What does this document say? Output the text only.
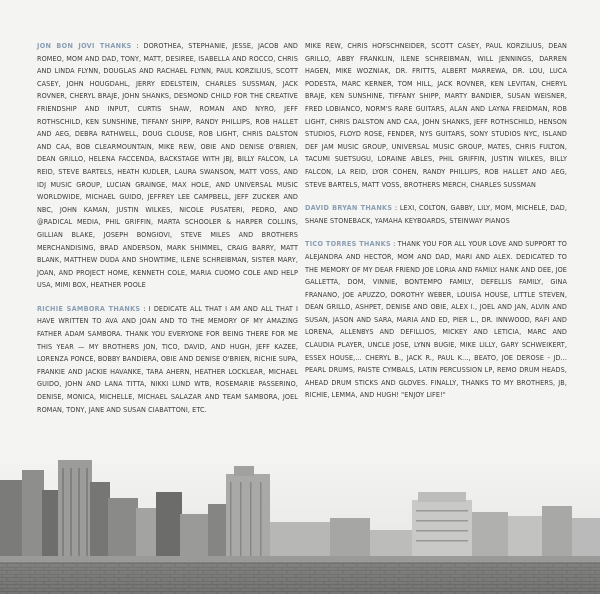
JON BON JOVI THANKS : DOROTHEA, STEPHANIE, JESSE, JACOB AND ROMEO, MOM AND DAD, TONY, MATT, DESIREE, ISABELLA AND ROCCO, CHRIS AND LINDA FLYNN, DOUGLAS AND RACHAEL FLYNN, PAUL KORZILIUS, SCOTT CASEY, JOHN HOUGDAHL, JERRY EDELSTEIN, CHARLES SUSSMAN, JACK ROVNER, CHERYL BRAJE, JOHN SHANKS, DESMOND CHILD FOR THE CREATIVE FRIENDSHIP AND INPUT, CURTIS SHAW, ROMAN AND NYRO, JEFF ROTHSCHILD, KEN SUNSHINE, TIFFANY SHIPP, RANDY PHILLIPS, ROB HALLET AND AEG, DEBRA RATHWELL, DOUG CLOUSE, ROB LIGHT, CHRIS DALSTON AND CAA, BOB CLEARMOUNTAIN, MIKE REW, OBIE AND DENISE O'BRIEN, DEAN GRILLO, HELENA FACCENDA, BACKSTAGE WITH JBJ, BILLY FALCON, LA REID, STEVE BARTELS, HEATH KUDLER, LAURA SWANSON, MATT VOSS, AND IDJ MUSIC GROUP, LUCIAN GRAINGE, MAX HOLE, AND UNIVERSAL MUSIC WORLDWIDE, MICHAEL GUIDO, JEFFREY LEE CAMPBELL, JEFF ZUCKER AND NBC, JOHN KAMAN, JUSTIN WILKES, NICOLE PUSATERI, PEDRO, AND @RADICAL MEDIA, PHIL GRIFFIN, MARTA SCHOOLER & HARPER COLLINS, GILLIAN BLAKE, JOSEPH BONGIOVI, STEVE MILES AND BROTHERS MERCHANDISING, BRAD ANDERSON, MARK SHIMMEL, CRAIG BARRY, MATT BLANK, MATTHEW DUDA AND SHOWTIME, ILENE SCHREIBMAN, SISTER MARY, JOAN, AND PROJECT HOME, KENNETH COLE, MARIA CUOMO COLE AND HELP USA, MIMI BOX, HEATHER POOLE

RICHIE SAMBORA THANKS : I DEDICATE ALL THAT I AM AND ALL THAT I HAVE WRITTEN TO AVA AND JOAN AND TO THE MEMORY OF MY AMAZING FATHER ADAM SAMBORA. THANK YOU EVERYONE FOR BEING THERE FOR ME THIS YEAR — MY BROTHERS JON, TICO, DAVID, AND HUGH, JEFF KAZEE, LORENZA PONCE, BOBBY BANDIERA, OBIE AND DENISE O'BRIEN, RICHIE SUPA, FRANKIE AND JACKIE HAVANKE, TARA AHERN, HEATHER LOCKLEAR, MICHAEL GUIDO, JOHN AND LANA TITTA, NIKKI LUND WTB, ROSEMARIE PASSERINO, DENISE, MONICA, MICHELLE, MICHAEL SALAZAR AND TEAM SAMBORA, JOEL ROMAN, TONY, JANE AND SUSAN CIABATTONI, ETC.

MIKE REW, CHRIS HOFSCHNEIDER, SCOTT CASEY, PAUL KORZILIUS, DEAN GRILLO, ABBY FRANKLIN, ILENE SCHREIBMAN, WILL JENNINGS, DARREN HAGEN, MIKE WOZNIAK, DR. FRITTS, ALBERT MARREWA, DR. LOU, LUCA PODESTA, MARC KERNER, TOM HILL, JACK ROVNER, KEN LEVITAN, CHERYL BRAJE, KEN SUNSHINE, TIFFANY SHIPP, MARTY BANDIER, SUSAN WEISNER, FRED LOBIANCO, NORM'S RARE GUITARS, ALAN AND LAYNA FREIDMAN, ROB LIGHT, CHRIS DALSTON AND CAA, JOHN SHANKS, JEFF ROTHSCHILD, HENSON STUDIOS, FLOYD ROSE, FENDER, NYS GUITARS, SONY STUDIOS NYC, ISLAND DEF JAM MUSIC GROUP, UNIVERSAL MUSIC GROUP, MATES, CHRIS FULTON, TACUMI SUETSUGU, LORAINE ABLES, PHIL GRIFFIN, JUSTIN WILKES, BILLY FALCON, LA REID, LYOR COHEN, RANDY PHILLIPS, ROB HALLET AND AEG, STEVE BARTELS, MATT VOSS, BROTHERS MERCH, CHARLES SUSSMAN

DAVID BRYAN THANKS : LEXI, COLTON, GABBY, LILY, MOM, MICHELE, DAD, SHANE STONEBACK, YAMAHA KEYBOARDS, STEINWAY PIANOS

TICO TORRES THANKS : THANK YOU FOR ALL YOUR LOVE AND SUPPORT TO ALEJANDRA AND HECTOR, MOM AND DAD, MARI AND ALEX. DEDICATED TO THE MEMORY OF MY DEAR FRIEND JOE LORIA AND FAMILY. HANK AND DEE, JOE GALLETTA, DOM, VINNIE, BONTEMPO FAMILY, DEFELLIS FAMILY, GINA FRANANO, JOE APUZZO, DOROTHY WEBER, LOUISA HOUSE, LITTLE STEVEN, DEAN GRILLO, ASHPET, DENISE AND OBIE, ALEX I., JOEL AND JAN, ALVIN AND SUSAN, JASON AND SARA, MARIA AND ED, PIER L., DR. INNWOOD, RAFI AND LORENA, ALLENBYS AND DEFILLIOS, MICKEY AND LETICIA, MARC AND CLAUDIA PLAYER, UNCLE JOSE, LYNN BUGIE, MIKE LILLY, GARY SCHWEIKERT, ESSEX HOUSE,... CHERYL B., JACK R., PAUL K..., BEATO, JOE DEROSE - JD... PEARL DRUMS, PAISTE CYMBALS, LATIN PERCUSSION LP, REMO DRUM HEADS, AHEAD DRUM STICKS AND GLOVES. FINALLY, THANKS TO MY BROTHERS, JB, RICHIE, LEMMA, AND HUGH! "ENJOY LIFE!"
